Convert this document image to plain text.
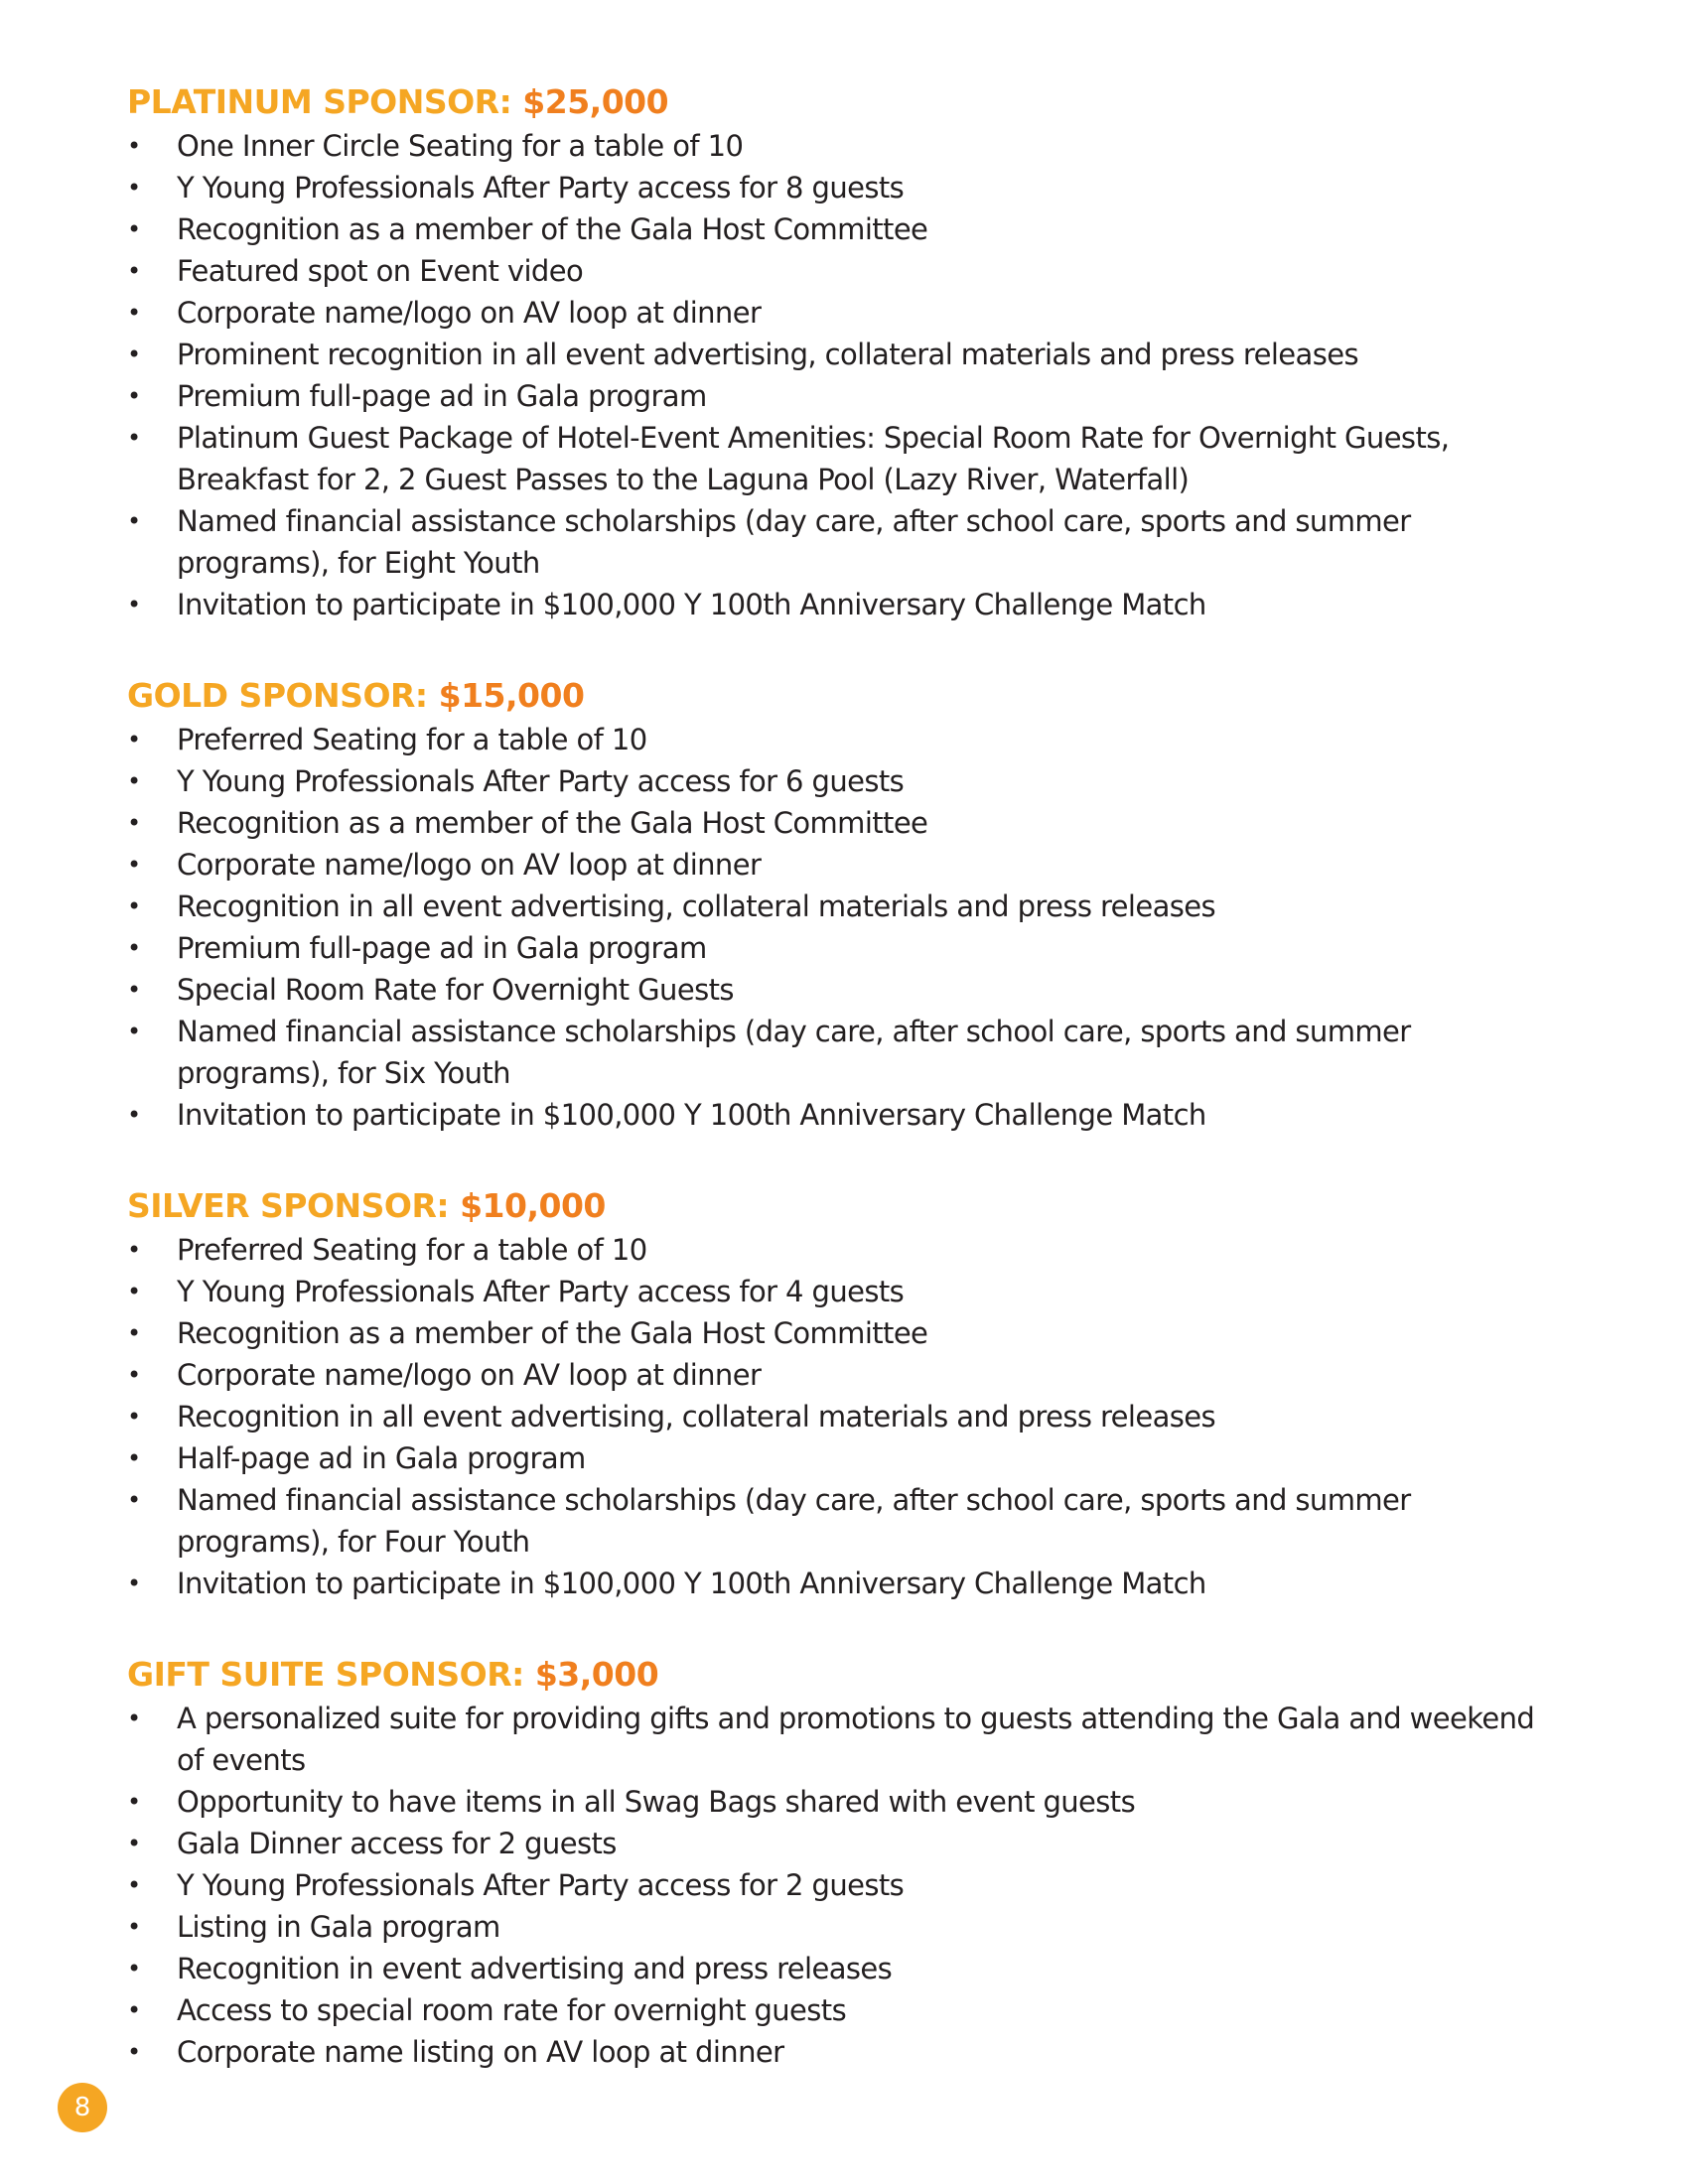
PLATINUM SPONSOR: $25,000
• One Inner Circle Seating for a table of 10
• Y Young Professionals After Party access for 8 guests
• Recognition as a member of the Gala Host Committee
• Featured spot on Event video
• Corporate name/logo on AV loop at dinner
• Prominent recognition in all event advertising, collateral materials and press releases
• Premium full-page ad in Gala program
• Platinum Guest Package of Hotel-Event Amenities: Special Room Rate for Overnight Guests, Breakfast for 2, 2 Guest Passes to the Laguna Pool (Lazy River, Waterfall)
• Named financial assistance scholarships (day care, after school care, sports and summer programs), for Eight Youth
• Invitation to participate in $100,000 Y 100th Anniversary Challenge Match
GOLD SPONSOR: $15,000
• Preferred Seating for a table of 10
• Y Young Professionals After Party access for 6 guests
• Recognition as a member of the Gala Host Committee
• Corporate name/logo on AV loop at dinner
• Recognition in all event advertising, collateral materials and press releases
• Premium full-page ad in Gala program
• Special Room Rate for Overnight Guests
• Named financial assistance scholarships (day care, after school care, sports and summer programs), for Six Youth
• Invitation to participate in $100,000 Y 100th Anniversary Challenge Match
SILVER SPONSOR: $10,000
• Preferred Seating for a table of 10
• Y Young Professionals After Party access for 4 guests
• Recognition as a member of the Gala Host Committee
• Corporate name/logo on AV loop at dinner
• Recognition in all event advertising, collateral materials and press releases
• Half-page ad in Gala program
• Named financial assistance scholarships (day care, after school care, sports and summer programs), for Four Youth
• Invitation to participate in $100,000 Y 100th Anniversary Challenge Match
GIFT SUITE SPONSOR: $3,000
• A personalized suite for providing gifts and promotions to guests attending the Gala and weekend of events
• Opportunity to have items in all Swag Bags shared with event guests
• Gala Dinner access for 2 guests
• Y Young Professionals After Party access for 2 guests
• Listing in Gala program
• Recognition in event advertising and press releases
• Access to special room rate for overnight guests
• Corporate name listing on AV loop at dinner
8
